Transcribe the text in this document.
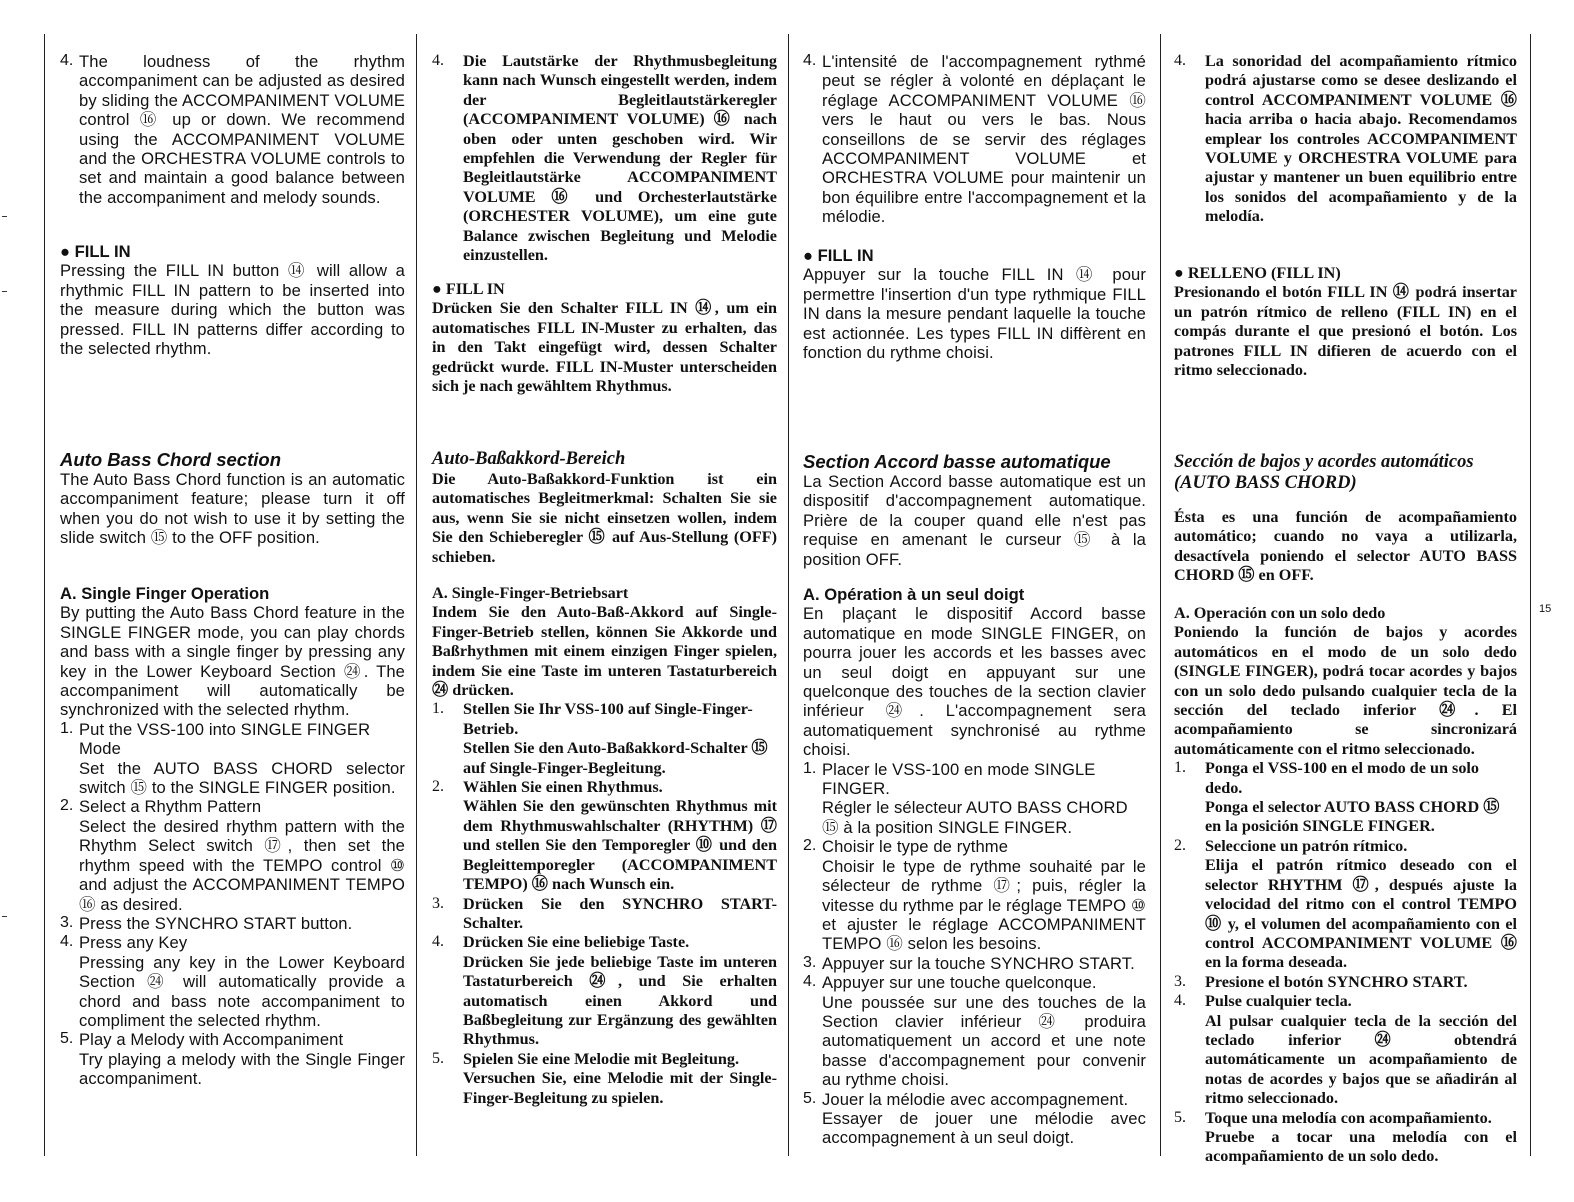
4. The loudness of the rhythm accompaniment can be adjusted as desired by sliding the ACCOMPANIMENT VOLUME control ⑯ up or down. We recommend using the ACCOMPANIMENT VOLUME and the ORCHESTRA VOLUME controls to set and maintain a good balance between the accompaniment and melody sounds.

● FILL IN

Pressing the FILL IN button ⑭ will allow a rhythmic FILL IN pattern to be inserted into the measure during which the button was pressed. FILL IN patterns differ according to the selected rhythm.

Auto Bass Chord section

The Auto Bass Chord function is an automatic accompaniment feature; please turn it off when you do not wish to use it by setting the slide switch ⑮ to the OFF position.

A. Single Finger Operation

By putting the Auto Bass Chord feature in the SINGLE FINGER mode, you can play chords and bass with a single finger by pressing any key in the Lower Keyboard Section ㉔. The accompaniment will automatically be synchronized with the selected rhythm.

1. Put the VSS-100 into SINGLE FINGER Mode

Set the AUTO BASS CHORD selector switch ⑮ to the SINGLE FINGER position.

2. Select a Rhythm Pattern

Select the desired rhythm pattern with the Rhythm Select switch ⑰, then set the rhythm speed with the TEMPO control ⑩ and adjust the ACCOMPANIMENT TEMPO ⑯ as desired.

3. Press the SYNCHRO START button.

4. Press any Key

Pressing any key in the Lower Keyboard Section ㉔ will automatically provide a chord and bass note accompaniment to compliment the selected rhythm.

5. Play a Melody with Accompaniment

Try playing a melody with the Single Finger accompaniment.

4.	Die Lautstärke der Rhythmusbegleitung kann nach Wunsch eingestellt werden, indem der Begleitlautstärkeregler (ACCOMPANIMENT VOLUME) ⑯ nach oben oder unten geschoben wird. Wir empfehlen die Verwendung der Regler für Begleitlautstärke ACCOMPANIMENT VOLUME ⑯ und Orchesterlautstärke (ORCHESTER VOLUME), um eine gute Balance zwischen Begleitung und Melodie einzustellen.

● FILL IN

Drücken Sie den Schalter FILL IN ⑭, um ein automatisches FILL IN-Muster zu erhalten, das in den Takt eingefügt wird, dessen Schalter gedrückt wurde. FILL IN-Muster unterscheiden sich je nach gewähltem Rhythmus.

Auto-Baßakkord-Bereich

Die Auto-Baßakkord-Funktion ist ein automatisches Begleitmerkmal: Schalten Sie sie aus, wenn Sie sie nicht einsetzen wollen, indem Sie den Schieberegler ⑮ auf Aus-Stellung (OFF) schieben.

A. Single-Finger-Betriebsart

Indem Sie den Auto-Baß-Akkord auf Single-Finger-Betrieb stellen, können Sie Akkorde und Baßrhythmen mit einem einzigen Finger spielen, indem Sie eine Taste im unteren Tastaturbereich ㉔ drücken.

1.	Stellen Sie Ihr VSS-100 auf Single-Finger-Betrieb.

Stellen Sie den Auto-Baßakkord-Schalter ⑮ auf Single-Finger-Begleitung.

2.	Wählen Sie einen Rhythmus.

Wählen Sie den gewünschten Rhythmus mit dem Rhythmuswahlschalter (RHYTHM) ⑰ und stellen Sie den Temporegler ⑩ und den Begleittemporegler (ACCOMPANIMENT TEMPO) ⑯ nach Wunsch ein.

3.	Drücken Sie den SYNCHRO START-Schalter.

4.	Drücken Sie eine beliebige Taste.

Drücken Sie jede beliebige Taste im unteren Tastaturbereich ㉔, und Sie erhalten automatisch einen Akkord und Baßbegleitung zur Ergänzung des gewählten Rhythmus.

5.	Spielen Sie eine Melodie mit Begleitung.

Versuchen Sie, eine Melodie mit der Single-Finger-Begleitung zu spielen.

4. L'intensité de l'accompagnement rythmé peut se régler à volonté en déplaçant le réglage ACCOMPANIMENT VOLUME ⑯ vers le haut ou vers le bas. Nous conseillons de se servir des réglages ACCOMPANIMENT VOLUME et ORCHESTRA VOLUME pour maintenir un bon équilibre entre l'accompagnement et la mélodie.

● FILL IN

Appuyer sur la touche FILL IN ⑭ pour permettre l'insertion d'un type rythmique FILL IN dans la mesure pendant laquelle la touche est actionnée. Les types FILL IN diffèrent en fonction du rythme choisi.

Section Accord basse automatique

La Section Accord basse automatique est un dispositif d'accompagnement automatique. Prière de la couper quand elle n'est pas requise en amenant le curseur ⑮ à la position OFF.

A. Opération à un seul doigt

En plaçant le dispositif Accord basse automatique en mode SINGLE FINGER, on pourra jouer les accords et les basses avec un seul doigt en appuyant sur une quelconque des touches de la section clavier inférieur ㉔. L'accompagnement sera automatiquement synchronisé au rythme choisi.

1. Placer le VSS-100 en mode SINGLE FINGER.

Régler le sélecteur AUTO BASS CHORD ⑮ à la position SINGLE FINGER.

2. Choisir le type de rythme

Choisir le type de rythme souhaité par le sélecteur de rythme ⑰; puis, régler la vitesse du rythme par le réglage TEMPO ⑩ et ajuster le réglage ACCOMPANIMENT TEMPO ⑯ selon les besoins.

3. Appuyer sur la touche SYNCHRO START.

4. Appuyer sur une touche quelconque.

Une poussée sur une des touches de la Section clavier inférieur ㉔ produira automatiquement un accord et une note basse d'accompagnement pour convenir au rythme choisi.

5. Jouer la mélodie avec accompagnement.

Essayer de jouer une mélodie avec accompagnement à un seul doigt.

4.	La sonoridad del acompañamiento rítmico podrá ajustarse como se desee deslizando el control ACCOMPANIMENT VOLUME ⑯ hacia arriba o hacia abajo. Recomendamos emplear los controles ACCOMPANIMENT VOLUME y ORCHESTRA VOLUME para ajustar y mantener un buen equilibrio entre los sonidos del acompañamiento y de la melodía.

● RELLENO (FILL IN)

Presionando el botón FILL IN ⑭ podrá insertar un patrón rítmico de relleno (FILL IN) en el compás durante el que presionó el botón. Los patrones FILL IN difieren de acuerdo con el ritmo seleccionado.

Sección de bajos y acordes automáticos (AUTO BASS CHORD)

Ésta es una función de acompañamiento automático; cuando no vaya a utilizarla, desactívela poniendo el selector AUTO BASS CHORD ⑮ en OFF.

A. Operación con un solo dedo

Poniendo la función de bajos y acordes automáticos en el modo de un solo dedo (SINGLE FINGER), podrá tocar acordes y bajos con un solo dedo pulsando cualquier tecla de la sección del teclado inferior ㉔. El acompañamiento se sincronizará automáticamente con el ritmo seleccionado.

1.	Ponga el VSS-100 en el modo de un solo dedo.

Ponga el selector AUTO BASS CHORD ⑮ en la posición SINGLE FINGER.

2.	Seleccione un patrón rítmico.

Elija el patrón rítmico deseado con el selector RHYTHM ⑰, después ajuste la velocidad del ritmo con el control TEMPO ⑩ y, el volumen del acompañamiento con el control ACCOMPANIMENT VOLUME ⑯ en la forma deseada.

3.	Presione el botón SYNCHRO START.

4.	Pulse cualquier tecla.

Al pulsar cualquier tecla de la sección del teclado inferior ㉔ obtendrá automáticamente un acompañamiento de notas de acordes y bajos que se añadirán al ritmo seleccionado.

5.	Toque una melodía con acompañamiento.

Pruebe a tocar una melodía con el acompañamiento de un solo dedo.

15
